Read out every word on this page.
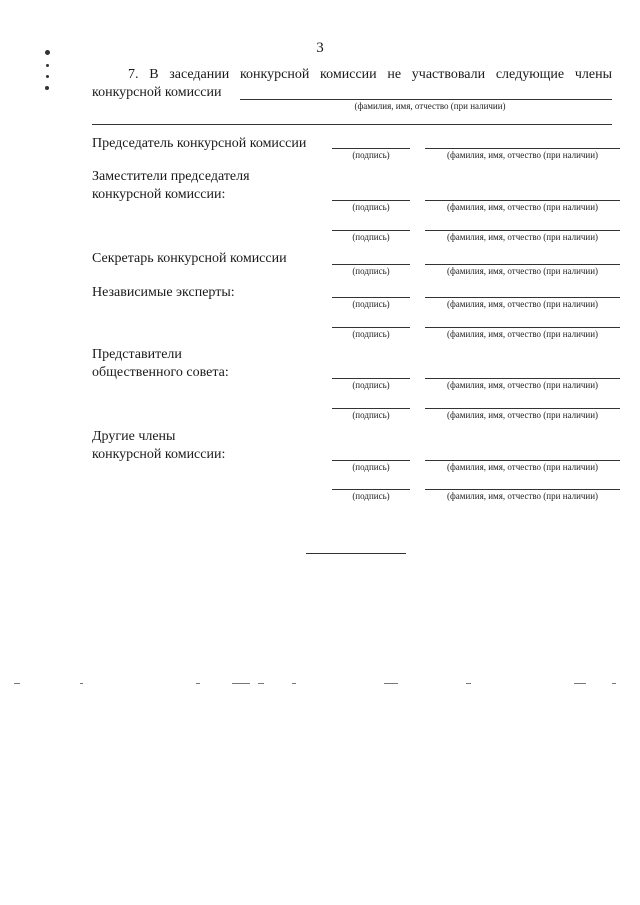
3
7. В заседании конкурсной комиссии не участвовали следующие члены
конкурсной комиссии
(фамилия, имя, отчество (при наличии)
Председатель конкурсной комиссии
(подпись)	(фамилия, имя, отчество (при наличии)
Заместители председателя
конкурсной комиссии:
(подпись)	(фамилия, имя, отчество (при наличии)
(подпись)	(фамилия, имя, отчество (при наличии)
Секретарь конкурсной комиссии
(подпись)	(фамилия, имя, отчество (при наличии)
Независимые эксперты:
(подпись)	(фамилия, имя, отчество (при наличии)
(подпись)	(фамилия, имя, отчество (при наличии)
Представители
общественного совета:
(подпись)	(фамилия, имя, отчество (при наличии)
(подпись)	(фамилия, имя, отчество (при наличии)
Другие члены
конкурсной комиссии:
(подпись)	(фамилия, имя, отчество (при наличии)
(подпись)	(фамилия, имя, отчество (при наличии)
